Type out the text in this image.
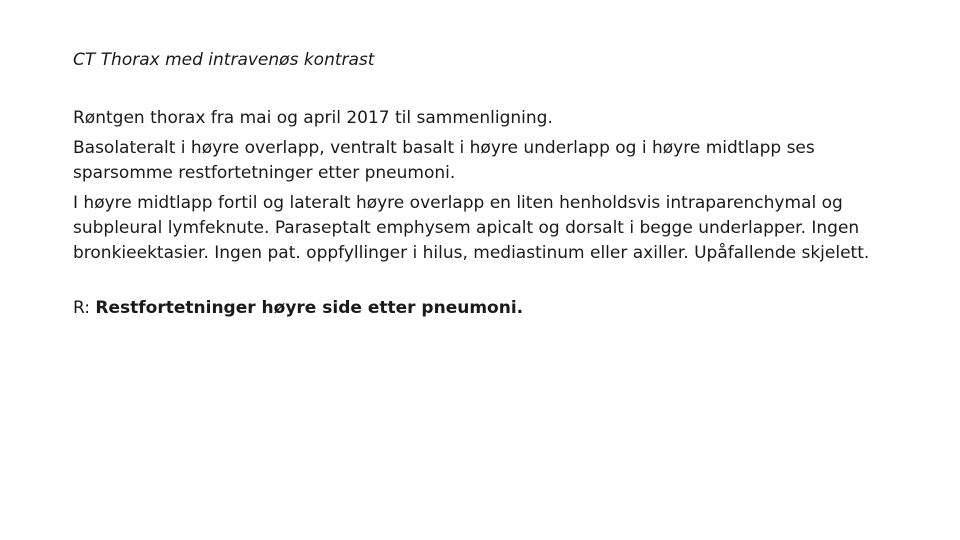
CT Thorax med intravenøs kontrast

Røntgen thorax fra mai og april 2017 til sammenligning.

Basolateralt i høyre overlapp, ventralt basalt i høyre underlapp og i høyre midtlapp ses sparsomme restfortetninger etter pneumoni.

I høyre midtlapp fortil og lateralt høyre overlapp en liten henholdsvis intraparenchymal og subpleural lymfeknute. Paraseptalt emphysem apicalt og dorsalt i begge underlapper. Ingen bronkieektasier. Ingen pat. oppfyllinger i hilus, mediastinum eller axiller. Upåfallende skjelett.

R: Restfortetninger høyre side etter pneumoni.
